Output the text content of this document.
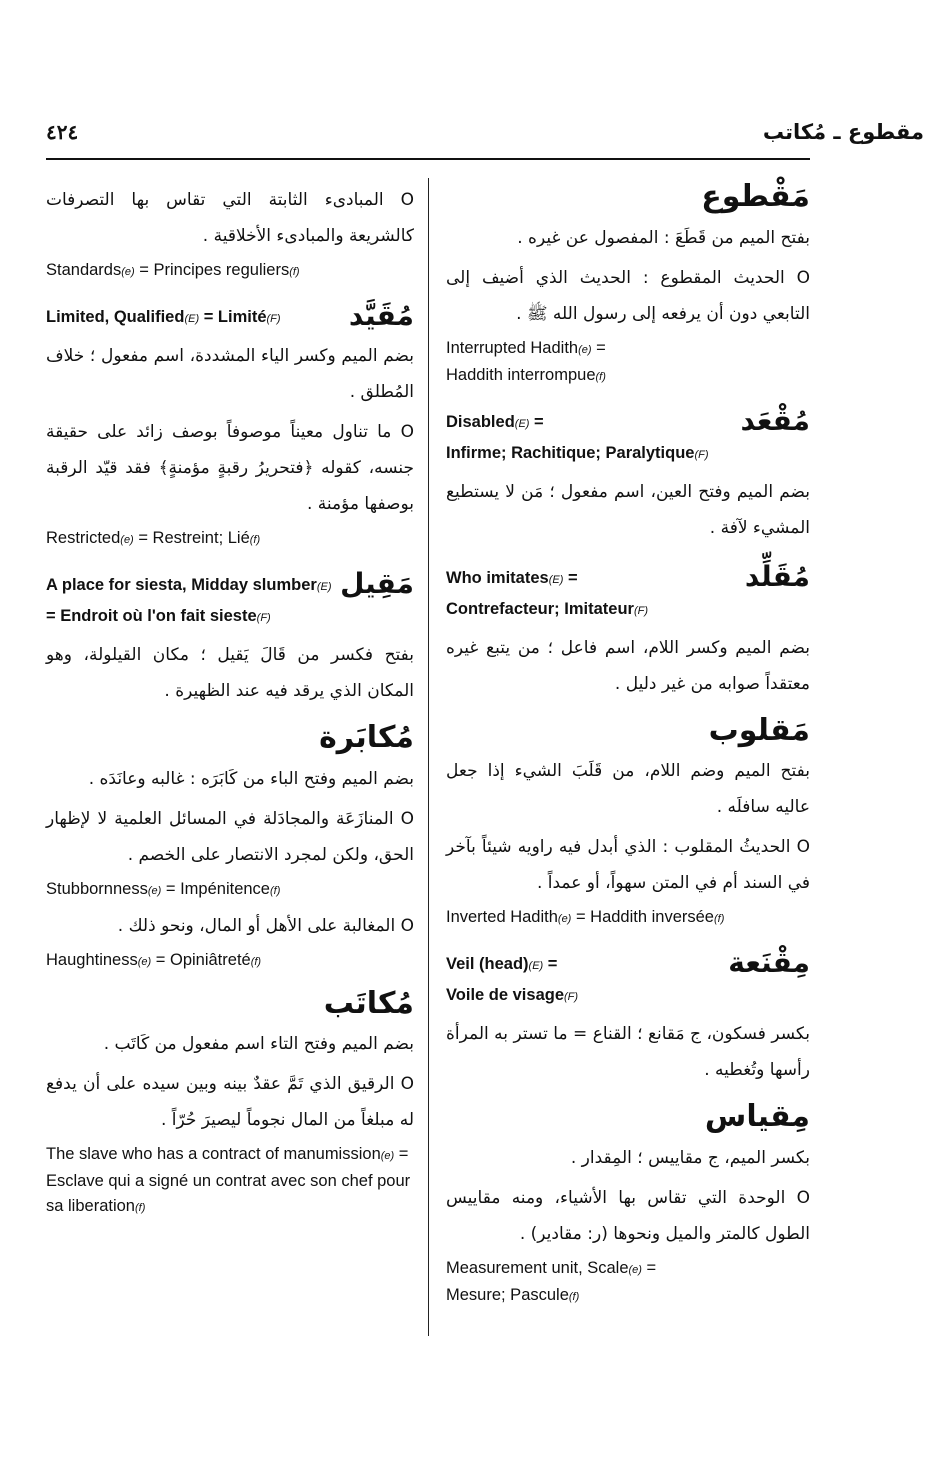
٤٢٤	مقطوع ـ مُكاتب
O المبادىء الثابتة التي تقاس بها التصرفات كالشريعة والمبادىء الأخلاقية .
Standards(e) = Principes reguliers(f)
مُقَيَّد
Limited, Qualified(E) = Limité(F)
بضم الميم وكسر الياء المشددة، اسم مفعول ؛ خلاف المُطلق .
O ما تناول معيناً موصوفاً بوصف زائد على حقيقة جنسه، كقوله ﴿فتحريرُ رقبةٍ مؤمنةٍ﴾ فقد قيّد الرقبة بوصفها مؤمنة .
Restricted(e) = Restreint; Lié(f)
مَقِيل
A place for siesta, Midday slumber(E) = Endroit où l'on fait sieste(F)
بفتح فكسر من قَالَ يَقيل ؛ مكان القيلولة، وهو المكان الذي يرقد فيه عند الظهيرة .
مُكابَرة
بضم الميم وفتح الباء من كَابَرَه : غالبه وعانَدَه .
O المنازَعَة والمجادَلة في المسائل العلمية لا لإظهار الحق، ولكن لمجرد الانتصار على الخصم .
Stubbornness(e) = Impénitence(f)
O المغالبة على الأهل أو المال، ونحو ذلك .
Haughtiness(e) = Opiniâtreté(f)
مُكاتَب
بضم الميم وفتح التاء اسم مفعول من كَاتَب .
O الرقيق الذي تَمَّ عقدٌ بينه وبين سيده على أن يدفع له مبلغاً من المال نجوماً ليصيرَ حُرّاً .
The slave who has a contract of manumission(e) =
Esclave qui a signé un contrat avec son chef pour sa liberation(f)
مَقْطوع
بفتح الميم من قَطَعَ : المفصول عن غيره .
O الحديث المقطوع : الحديث الذي أضيف إلى التابعي دون أن يرفعه إلى رسول الله ﷺ .
Interrupted Hadith(e) =
Haddith interrompue(f)
مُقْعَد
Disabled(E) =
Infirme; Rachitique; Paralytique(F)
بضم الميم وفتح العين، اسم مفعول ؛ مَن لا يستطيع المشيء لآفة .
مُقَلِّد
Who imitates(E) =
Contrefacteur; Imitateur(F)
بضم الميم وكسر اللام، اسم فاعل ؛ من يتبع غيره معتقداً صوابه من غير دليل .
مَقلوب
بفتح الميم وضم اللام، من قَلَبَ الشيء إذا جعل عاليه سافلَه .
O الحديثُ المقلوب : الذي أبدل فيه راويه شيئاً بآخر في السند أم في المتن سهواً، أو عمداً .
Inverted Hadith(e) = Haddith inversée(f)
مِقْنَعة
Veil (head)(E) =
Voile de visage(F)
بكسر فسكون، ج مَقانع ؛ القناع = ما تستر به المرأة رأسها وتُغطيه .
مِقياس
بكسر الميم، ج مقاييس ؛ المِقدار .
O الوحدة التي تقاس بها الأشياء، ومنه مقاييس الطول كالمتر والميل ونحوها (ر: مقادير) .
Measurement unit, Scale(e) =
Mesure; Pascule(f)
